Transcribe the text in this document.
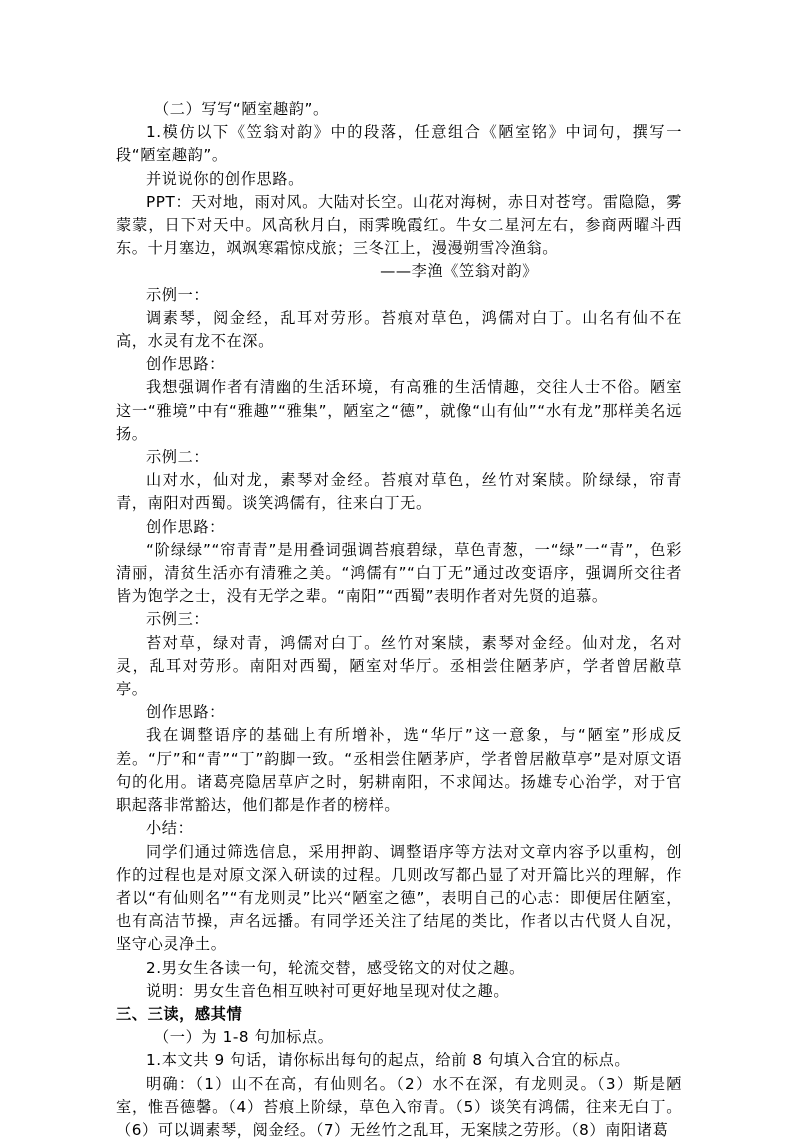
（二）写写“陋室趣韵”。

1.模仿以下《笠翁对韵》中的段落，任意组合《陋室铭》中词句，撰写一段“陋室趣韵”。

并说说你的创作思路。

PPT：天对地，雨对风。大陆对长空。山花对海树，赤日对苍穹。雷隐隐，雾蒙蒙，日下对天中。风高秋月白，雨霁晚霞红。牛女二星河左右，参商两曜斗西东。十月塞边，飒飒寒霜惊戍旅；三冬江上，漫漫朔雪冷渔翁。

——李渔《笠翁对韵》

示例一：

调素琴，阅金经，乱耳对劳形。苔痕对草色，鸿儒对白丁。山名有仙不在高，水灵有龙不在深。

创作思路：

我想强调作者有清幽的生活环境，有高雅的生活情趣，交往人士不俗。陋室这一“雅境”中有“雅趣”“雅集”，陋室之“德”，就像“山有仙”“水有龙”那样美名远扬。

示例二：

山对水，仙对龙，素琴对金经。苔痕对草色，丝竹对案牍。阶绿绿，帘青青，南阳对西蜀。谈笑鸿儒有，往来白丁无。

创作思路：

“阶绿绿”“帘青青”是用叠词强调苔痕碧绿，草色青葱，一“绿”一“青”，色彩清丽，清贫生活亦有清雅之美。“鸿儒有”“白丁无”通过改变语序，强调所交往者皆为饱学之士，没有无学之辈。“南阳”“西蜀”表明作者对先贤的追慕。

示例三：

苔对草，绿对青，鸿儒对白丁。丝竹对案牍，素琴对金经。仙对龙，名对灵，乱耳对劳形。南阳对西蜀，陋室对华厅。丞相尝住陋茅庐，学者曾居敝草亭。

创作思路：

我在调整语序的基础上有所增补，选“华厅”这一意象，与“陋室”形成反差。“厅”和“青”“丁”韵脚一致。“丞相尝住陋茅庐，学者曾居敝草亭”是对原文语句的化用。诸葛亮隐居草庐之时，躬耕南阳，不求闻达。扬雄专心治学，对于官职起落非常豁达，他们都是作者的榜样。

小结：

同学们通过筛选信息，采用押韵、调整语序等方法对文章内容予以重构，创作的过程也是对原文深入研读的过程。几则改写都凸显了对开篇比兴的理解，作者以“有仙则名”“有龙则灵”比兴“陋室之德”，表明自己的心志：即便居住陋室，也有高洁节操，声名远播。有同学还关注了结尾的类比，作者以古代贤人自况，坚守心灵净土。

2.男女生各读一句，轮流交替，感受铭文的对仗之趣。

说明：男女生音色相互映衬可更好地呈现对仗之趣。

三、三读，感其情

（一）为 1-8 句加标点。

1.本文共 9 句话，请你标出每句的起点，给前 8 句填入合宜的标点。

明确：（1）山不在高，有仙则名。（2）水不在深，有龙则灵。（3）斯是陋室，惟吾德馨。（4）苔痕上阶绿，草色入帘青。（5）谈笑有鸿儒，往来无白丁。（6）可以调素琴，阅金经。（7）无丝竹之乱耳，无案牍之劳形。（8）南阳诸葛
